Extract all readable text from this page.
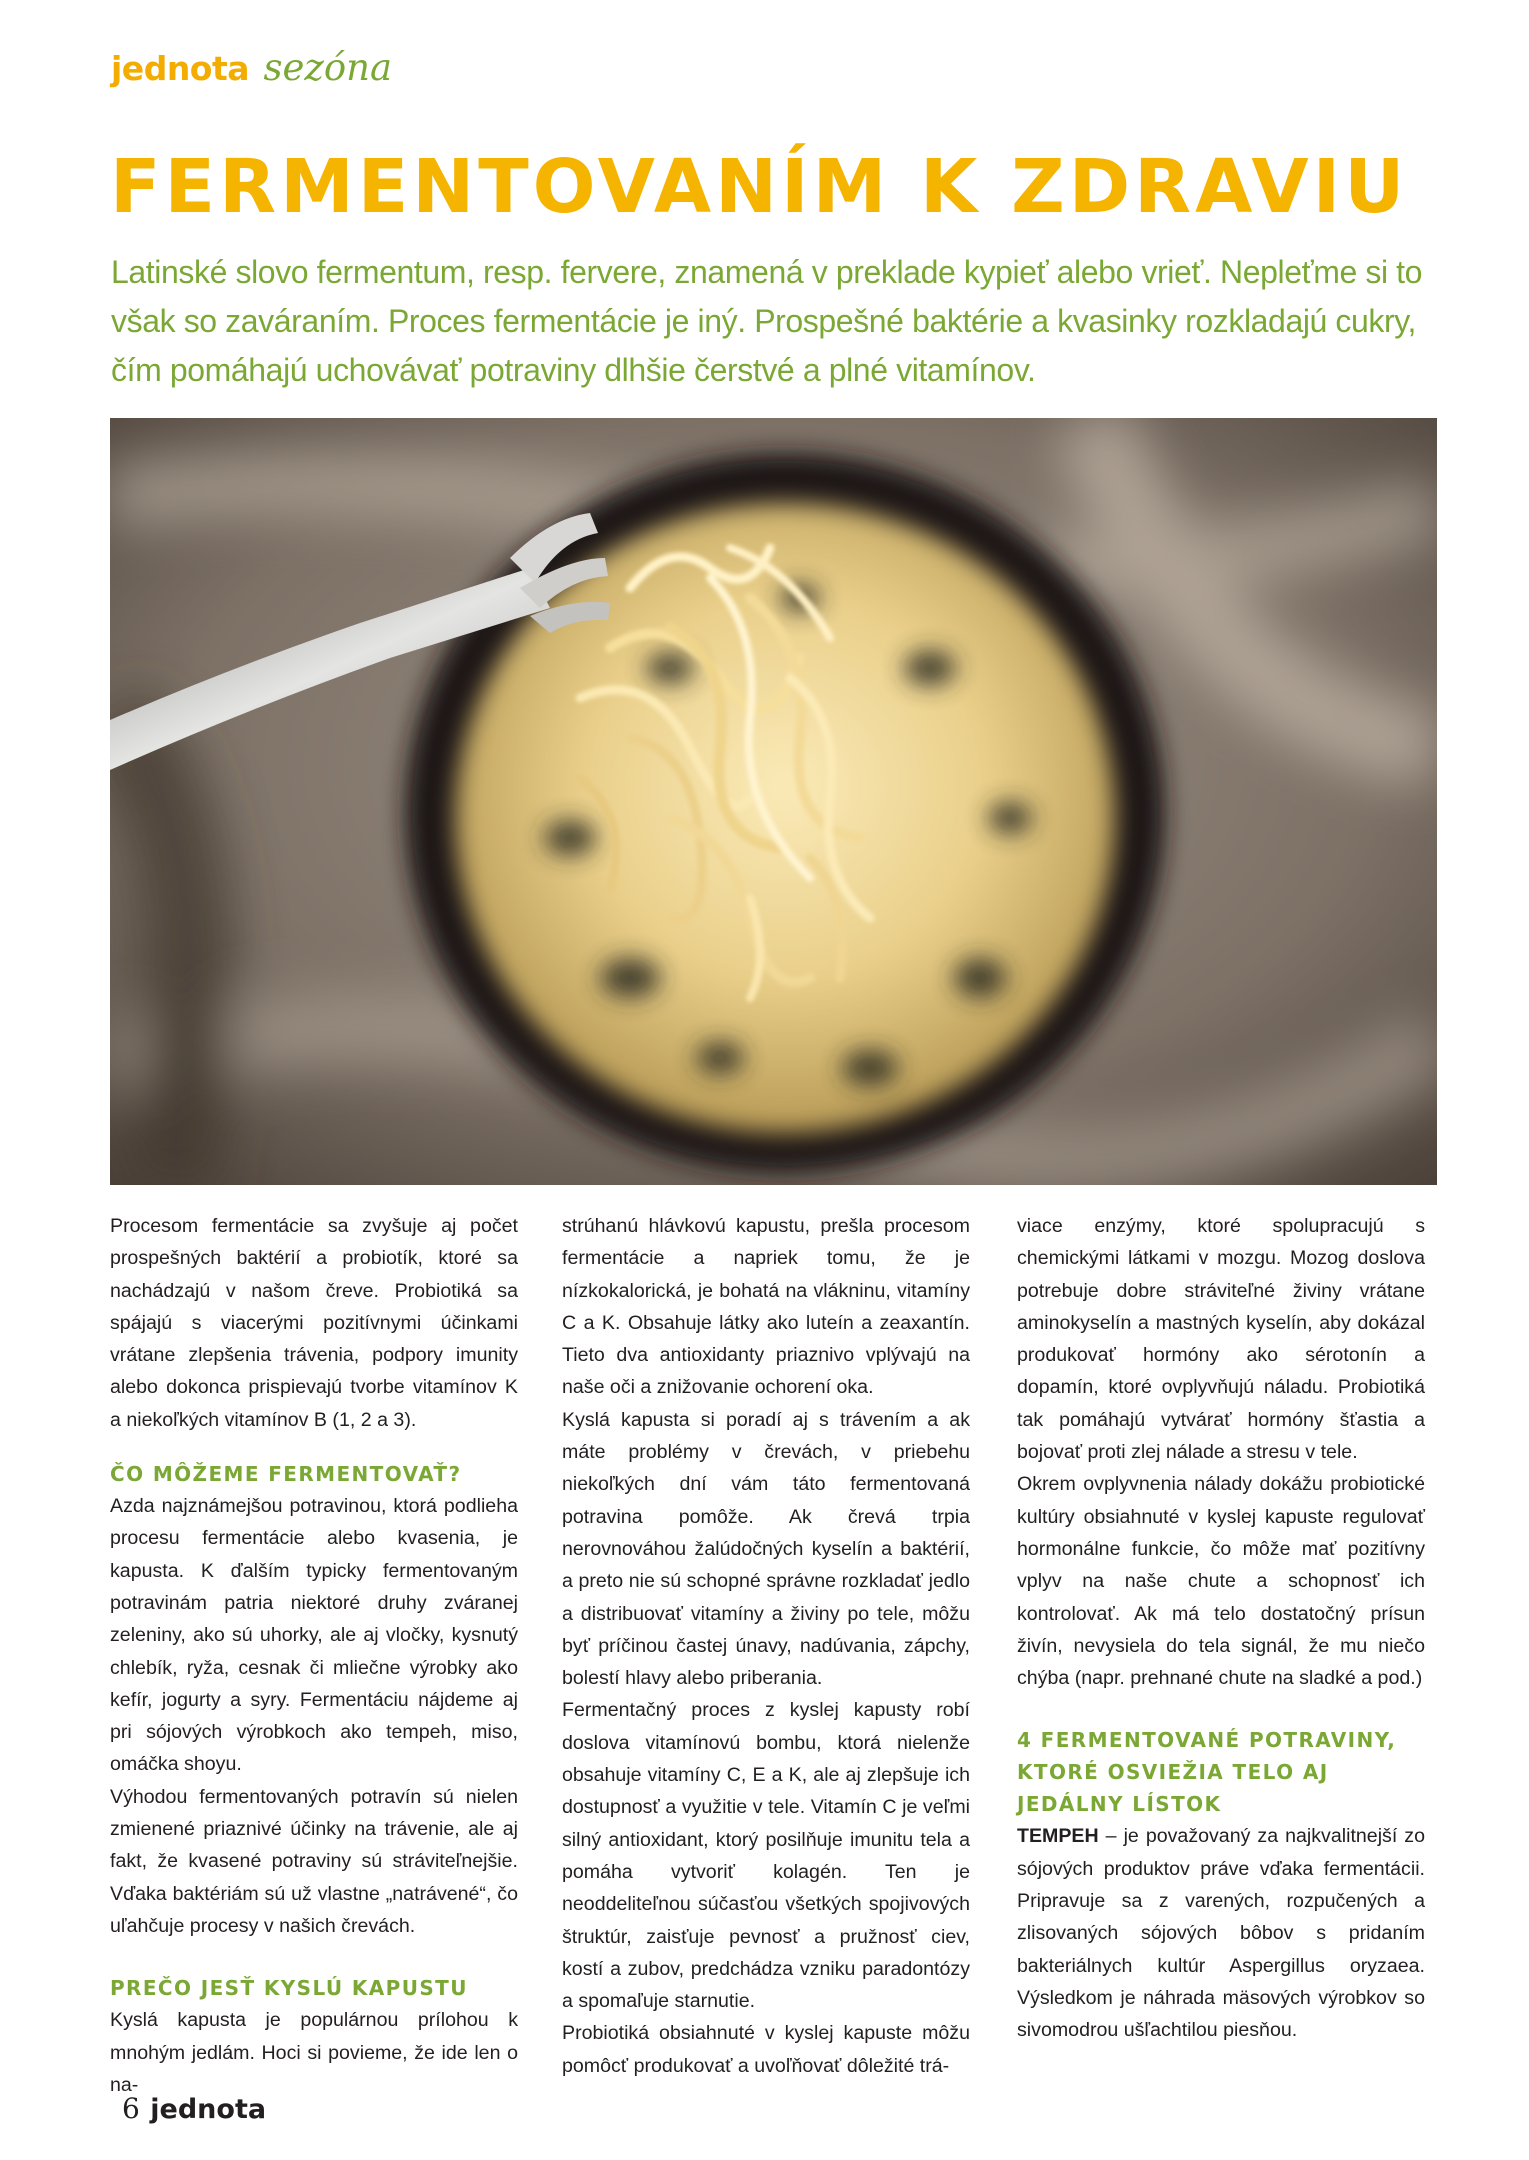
jednota sezóna
FERMENTOVANÍM K ZDRAVIU

Latinské slovo fermentum, resp. fervere, znamená v preklade kypieť alebo vrieť. Nepleťme si to však so zaváraním. Proces fermentácie je iný. Prospešné baktérie a kvasinky rozkladajú cukry, čím pomáhajú uchovávať potraviny dlhšie čerstvé a plné vitamínov.

Procesom fermentácie sa zvyšuje aj počet prospešných baktérií a probiotík, ktoré sa nachádzajú v našom čreve. Probiotiká sa spájajú s viacerými pozitívnymi účinkami vrátane zlepšenia trávenia, podpory imunity alebo dokonca prispievajú tvorbe vitamínov K a niekoľkých vitamínov B (1, 2 a 3).

ČO MÔŽEME FERMENTOVAŤ?

Azda najznámejšou potravinou, ktorá podlieha procesu fermentácie alebo kvasenia, je kapusta. K ďalším typicky fermentovaným potravinám patria niektoré druhy zváranej zeleniny, ako sú uhorky, ale aj vločky, kysnutý chlebík, ryža, cesnak či mliečne výrobky ako kefír, jogurty a syry. Fermentáciu nájdeme aj pri sójových výrobkoch ako tempeh, miso, omáčka shoyu.

Výhodou fermentovaných potravín sú nielen zmienené priaznivé účinky na trávenie, ale aj fakt, že kvasené potraviny sú stráviteľnejšie. Vďaka baktériám sú už vlastne „natrávené“, čo uľahčuje procesy v našich črevách.

PREČO JESŤ KYSLÚ KAPUSTU

Kyslá kapusta je populárnou prílohou k mnohým jedlám. Hoci si povieme, že ide len o na-

strúhanú hlávkovú kapustu, prešla procesom fermentácie a napriek tomu, že je nízkokalorická, je bohatá na vlákninu, vitamíny C a K. Obsahuje látky ako luteín a zeaxantín. Tieto dva antioxidanty priaznivo vplývajú na naše oči a znižovanie ochorení oka.

Kyslá kapusta si poradí aj s trávením a ak máte problémy v črevách, v priebehu niekoľkých dní vám táto fermentovaná potravina pomôže. Ak črevá trpia nerovnováhou žalúdočných kyselín a baktérií, a preto nie sú schopné správne rozkladať jedlo a distribuovať vitamíny a živiny po tele, môžu byť príčinou častej únavy, nadúvania, zápchy, bolestí hlavy alebo priberania.

Fermentačný proces z kyslej kapusty robí doslova vitamínovú bombu, ktorá nielenže obsahuje vitamíny C, E a K, ale aj zlepšuje ich dostupnosť a využitie v tele. Vitamín C je veľmi silný antioxidant, ktorý posilňuje imunitu tela a pomáha vytvoriť kolagén. Ten je neoddeliteľnou súčasťou všetkých spojivových štruktúr, zaisťuje pevnosť a pružnosť ciev, kostí a zubov, predchádza vzniku paradontózy a spomaľuje starnutie.

Probiotiká obsiahnuté v kyslej kapuste môžu pomôcť produkovať a uvoľňovať dôležité trá-

viace enzýmy, ktoré spolupracujú s chemickými látkami v mozgu. Mozog doslova potrebuje dobre stráviteľné živiny vrátane aminokyselín a mastných kyselín, aby dokázal produkovať hormóny ako sérotonín a dopamín, ktoré ovplyvňujú náladu. Probiotiká tak pomáhajú vytvárať hormóny šťastia a bojovať proti zlej nálade a stresu v tele.

Okrem ovplyvnenia nálady dokážu probiotické kultúry obsiahnuté v kyslej kapuste regulovať hormonálne funkcie, čo môže mať pozitívny vplyv na naše chute a schopnosť ich kontrolovať. Ak má telo dostatočný prísun živín, nevysiela do tela signál, že mu niečo chýba (napr. prehnané chute na sladké a pod.)

4 FERMENTOVANÉ POTRAVINY, KTORÉ OSVIEŽIA TELO AJ JEDÁLNY LÍSTOK

TEMPEH – je považovaný za najkvalitnejší zo sójových produktov práve vďaka fermentácii. Pripravuje sa z varených, rozpučených a zlisovaných sójových bôbov s pridaním bakteriálnych kultúr Aspergillus oryzaea. Výsledkom je náhrada mäsových výrobkov so sivomodrou ušľachtilou piesňou.

6 jednota
